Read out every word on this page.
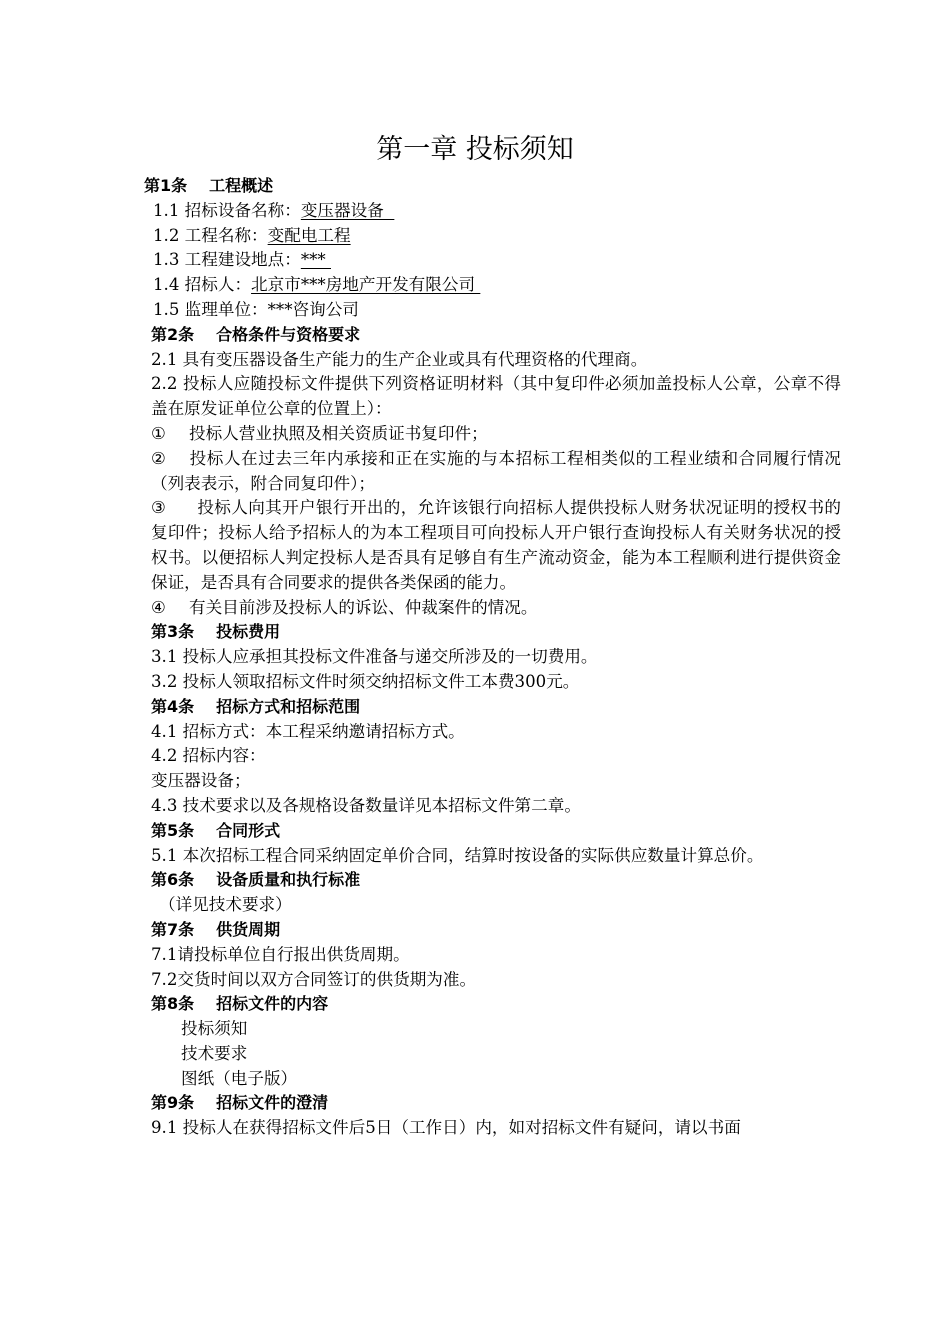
第一章 投标须知
第1条 工程概述
1.1 招标设备名称：变压器设备
1.2 工程名称：变配电工程
1.3 工程建设地点：***
1.4 招标人：北京市***房地产开发有限公司
1.5 监理单位：***咨询公司
第2条 合格条件与资格要求
2.1 具有变压器设备生产能力的生产企业或具有代理资格的代理商。
2.2 投标人应随投标文件提供下列资格证明材料（其中复印件必须加盖投标人公章，公章不得盖在原发证单位公章的位置上）：
① 投标人营业执照及相关资质证书复印件；
② 投标人在过去三年内承接和正在实施的与本招标工程相类似的工程业绩和合同履行情况（列表表示，附合同复印件）；
③ 投标人向其开户银行开出的，允许该银行向招标人提供投标人财务状况证明的授权书的复印件；投标人给予招标人的为本工程项目可向投标人开户银行查询投标人有关财务状况的授权书。以便招标人判定投标人是否具有足够自有生产流动资金，能为本工程顺利进行提供资金保证，是否具有合同要求的提供各类保函的能力。
④ 有关目前涉及投标人的诉讼、仲裁案件的情况。
第3条 投标费用
3.1 投标人应承担其投标文件准备与递交所涉及的一切费用。
3.2 投标人领取招标文件时须交纳招标文件工本费300元。
第4条 招标方式和招标范围
4.1 招标方式：本工程采纳邀请招标方式。
4.2 招标内容：
变压器设备；
4.3 技术要求以及各规格设备数量详见本招标文件第二章。
第5条 合同形式
5.1 本次招标工程合同采纳固定单价合同，结算时按设备的实际供应数量计算总价。
第6条 设备质量和执行标准
（详见技术要求）
第7条 供货周期
7.1请投标单位自行报出供货周期。
7.2交货时间以双方合同签订的供货期为准。
第8条 招标文件的内容
投标须知
技术要求
图纸（电子版）
第9条 招标文件的澄清
9.1 投标人在获得招标文件后5日（工作日）内，如对招标文件有疑问，请以书面
